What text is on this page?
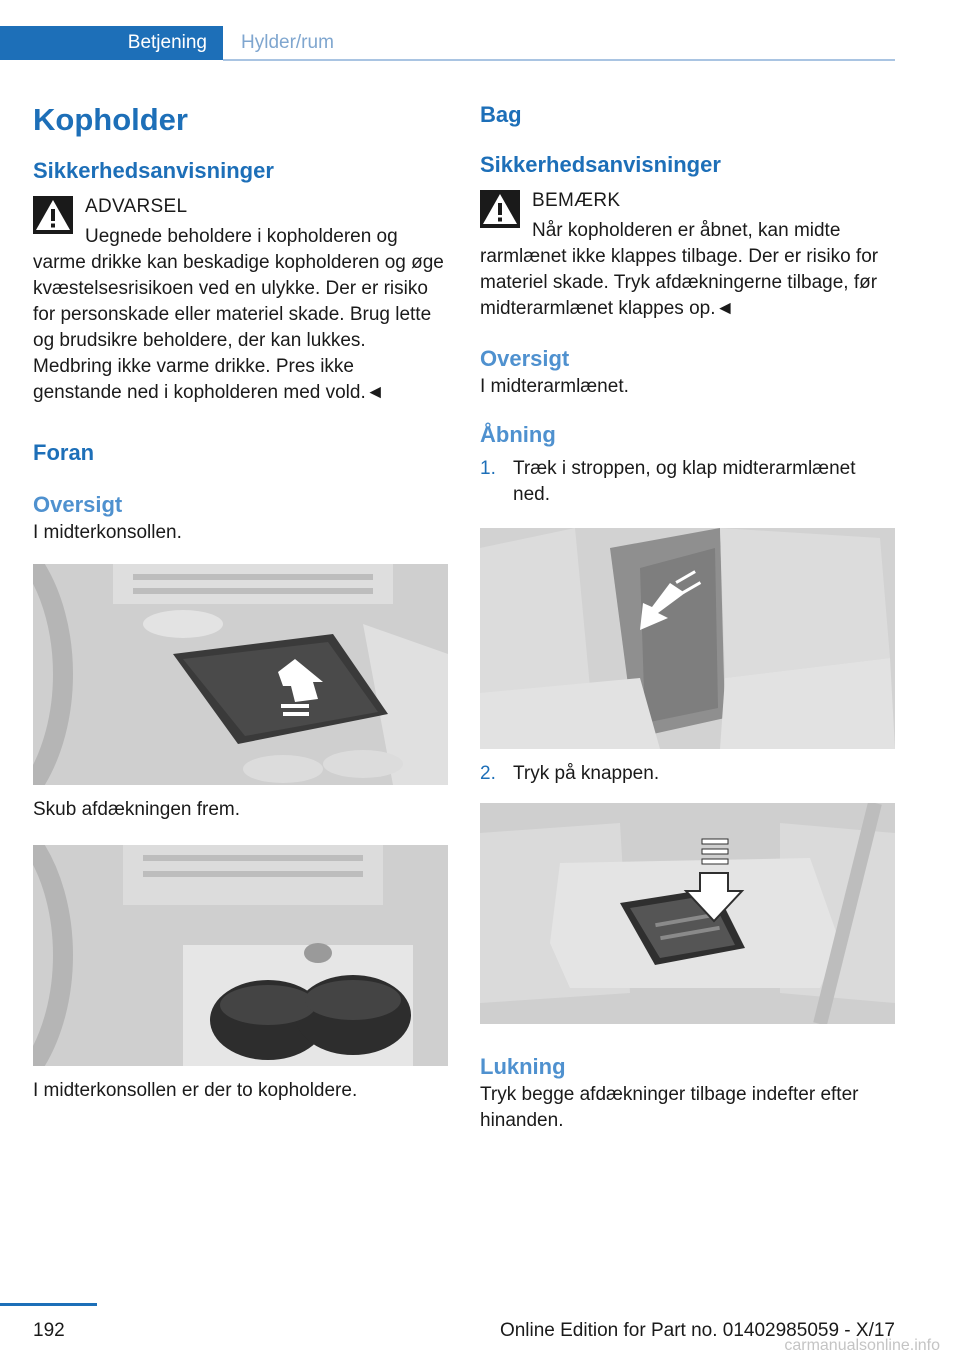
Betjening	Hylder/rum
Kopholder
Sikkerhedsanvisninger
ADVARSEL

Uegnede beholdere i kopholderen og
varme drikke kan beskadige kopholderen og øge kvæstelsesrisikoen ved en ulykke. Der er risiko for personskade eller materiel skade. Brug lette og brudsikre beholdere, der kan lukkes. Medbring ikke varme drikke. Pres ikke genstande ned i kopholderen med vold.◄

Foran
Oversigt

I midterkonsollen.

Skub afdækningen frem.

I midterkonsollen er der to kopholdere.

Bag
Sikkerhedsanvisninger
BEMÆRK

Når kopholderen er åbnet, kan midte
rarmlænet ikke klappes tilbage. Der er risiko for materiel skade. Tryk afdækningerne tilbage, før midterarmlænet klappes op.◄

Oversigt

I midterarmlænet.

Åbning
1. Træk i stroppen, og klap midterarmlænet ned.
2. Tryk på knappen.
Lukning

Tryk begge afdækninger tilbage indefter efter hinanden.

192	Online Edition for Part no. 01402985059 - X/17
carmanualsonline.info
